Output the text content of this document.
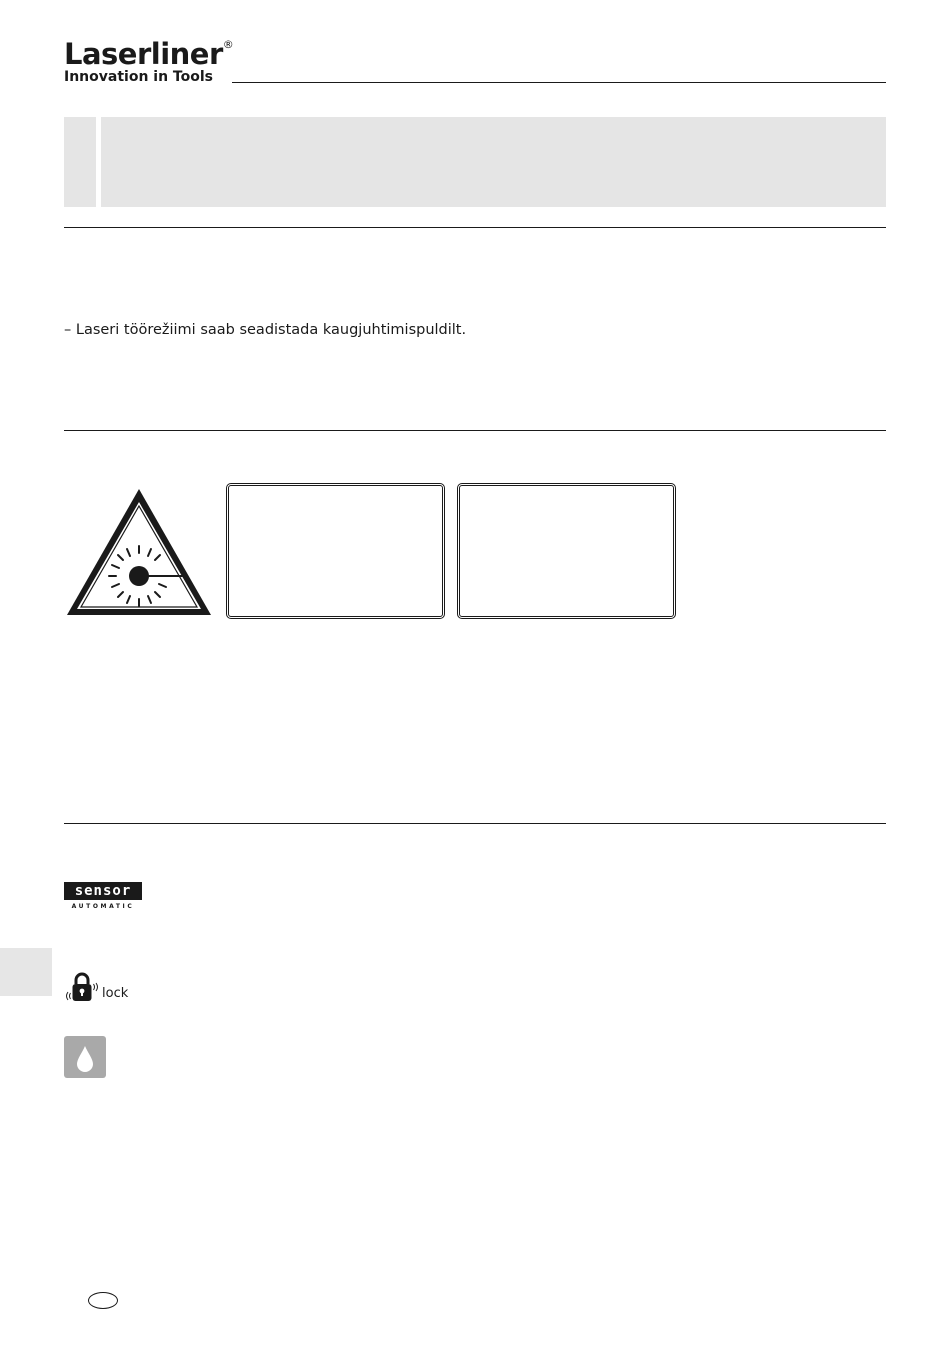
Laserliner®
Innovation in Tools
– Laseri töörežiimi saab seadistada kaugjuhtimispuldilt.
sensor
AUTOMATIC
lock
